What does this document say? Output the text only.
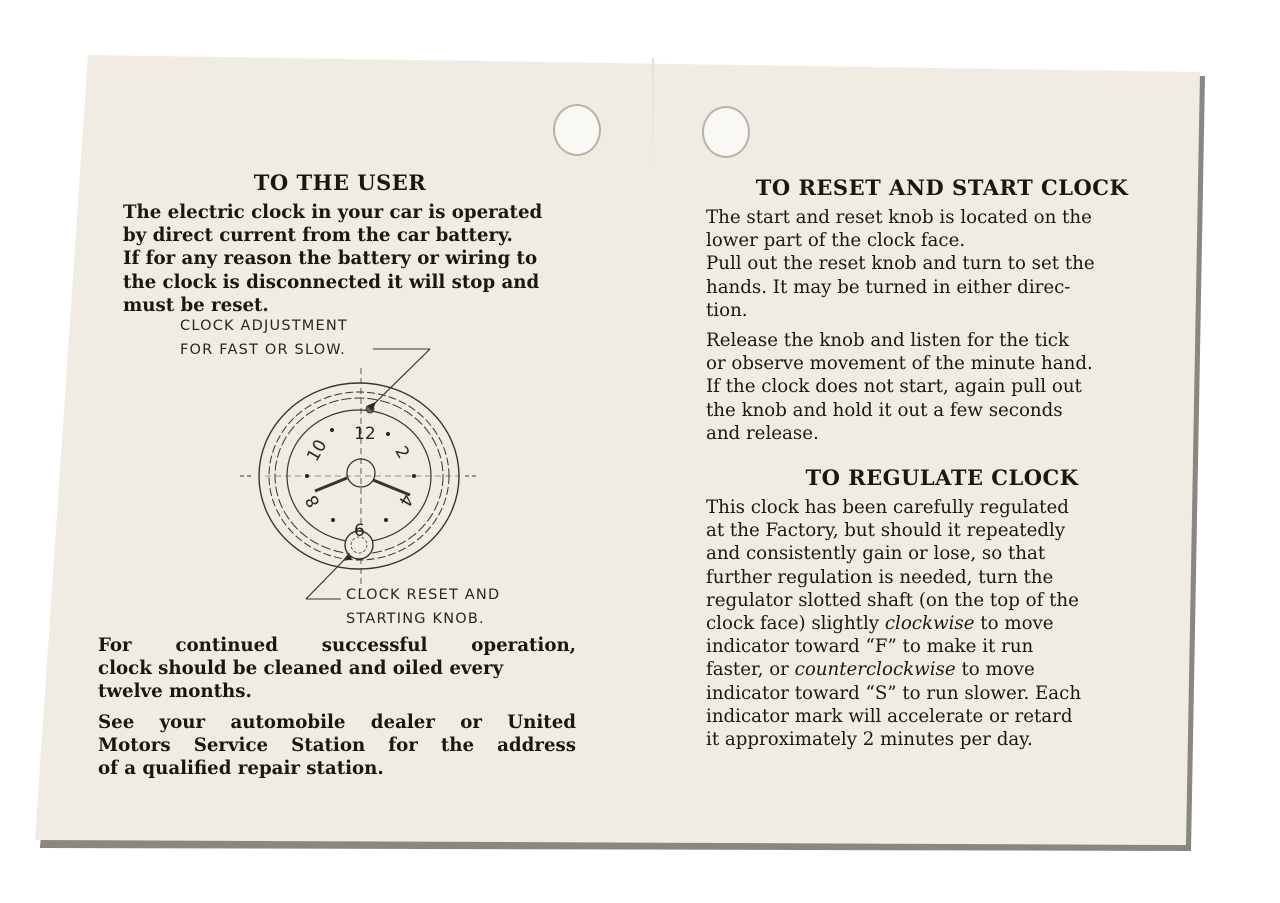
TO THE USER

The electric clock in your car is operated

by direct current from the car battery.

If for any reason the battery or wiring to

the clock is disconnected it will stop and

must be reset.

CLOCK ADJUSTMENT
FOR FAST OR SLOW.
CLOCK RESET AND
STARTING KNOB.
12
2
4
6
8
10

For continued successful operation,

clock should be cleaned and oiled every

twelve months.

See your automobile dealer or United

Motors Service Station for the address

of a qualified repair station.

TO RESET AND START CLOCK

The start and reset knob is located on the

lower part of the clock face.

Pull out the reset knob and turn to set the

hands. It may be turned in either direc-

tion.

Release the knob and listen for the tick

or observe movement of the minute hand.

If the clock does not start, again pull out

the knob and hold it out a few seconds

and release.

TO REGULATE CLOCK

This clock has been carefully regulated

at the Factory, but should it repeatedly

and consistently gain or lose, so that

further regulation is needed, turn the

regulator slotted shaft (on the top of the

clock face) slightly clockwise to move

indicator toward “F” to make it run

faster, or counterclockwise to move

indicator toward “S” to run slower. Each

indicator mark will accelerate or retard

it approximately 2 minutes per day.
